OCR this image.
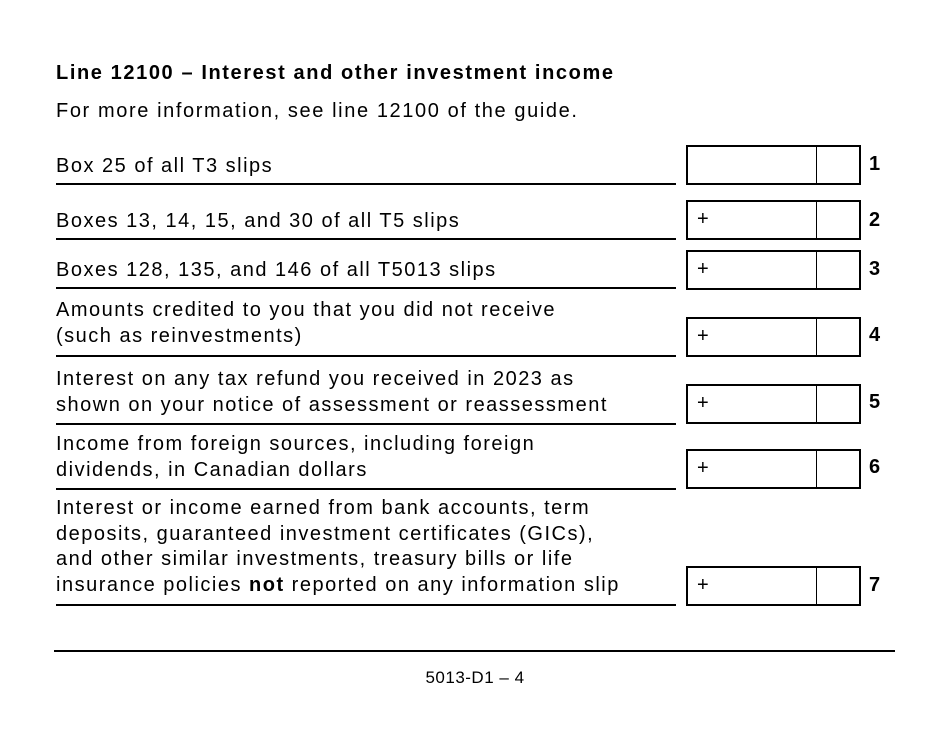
Line 12100 – Interest and other investment income
For more information, see line 12100 of the guide.
Box 25 of all T3 slips	1
Boxes 13, 14, 15, and 30 of all T5 slips	+	2
Boxes 128, 135, and 146 of all T5013 slips	+	3
Amounts credited to you that you did not receive
(such as reinvestments)	+	4
Interest on any tax refund you received in 2023 as
shown on your notice of assessment or reassessment	+	5
Income from foreign sources, including foreign
dividends, in Canadian dollars	+	6
Interest or income earned from bank accounts, term
deposits, guaranteed investment certificates (GICs),
and other similar investments, treasury bills or life
insurance policies not reported on any information slip	+	7
5013-D1 – 4
